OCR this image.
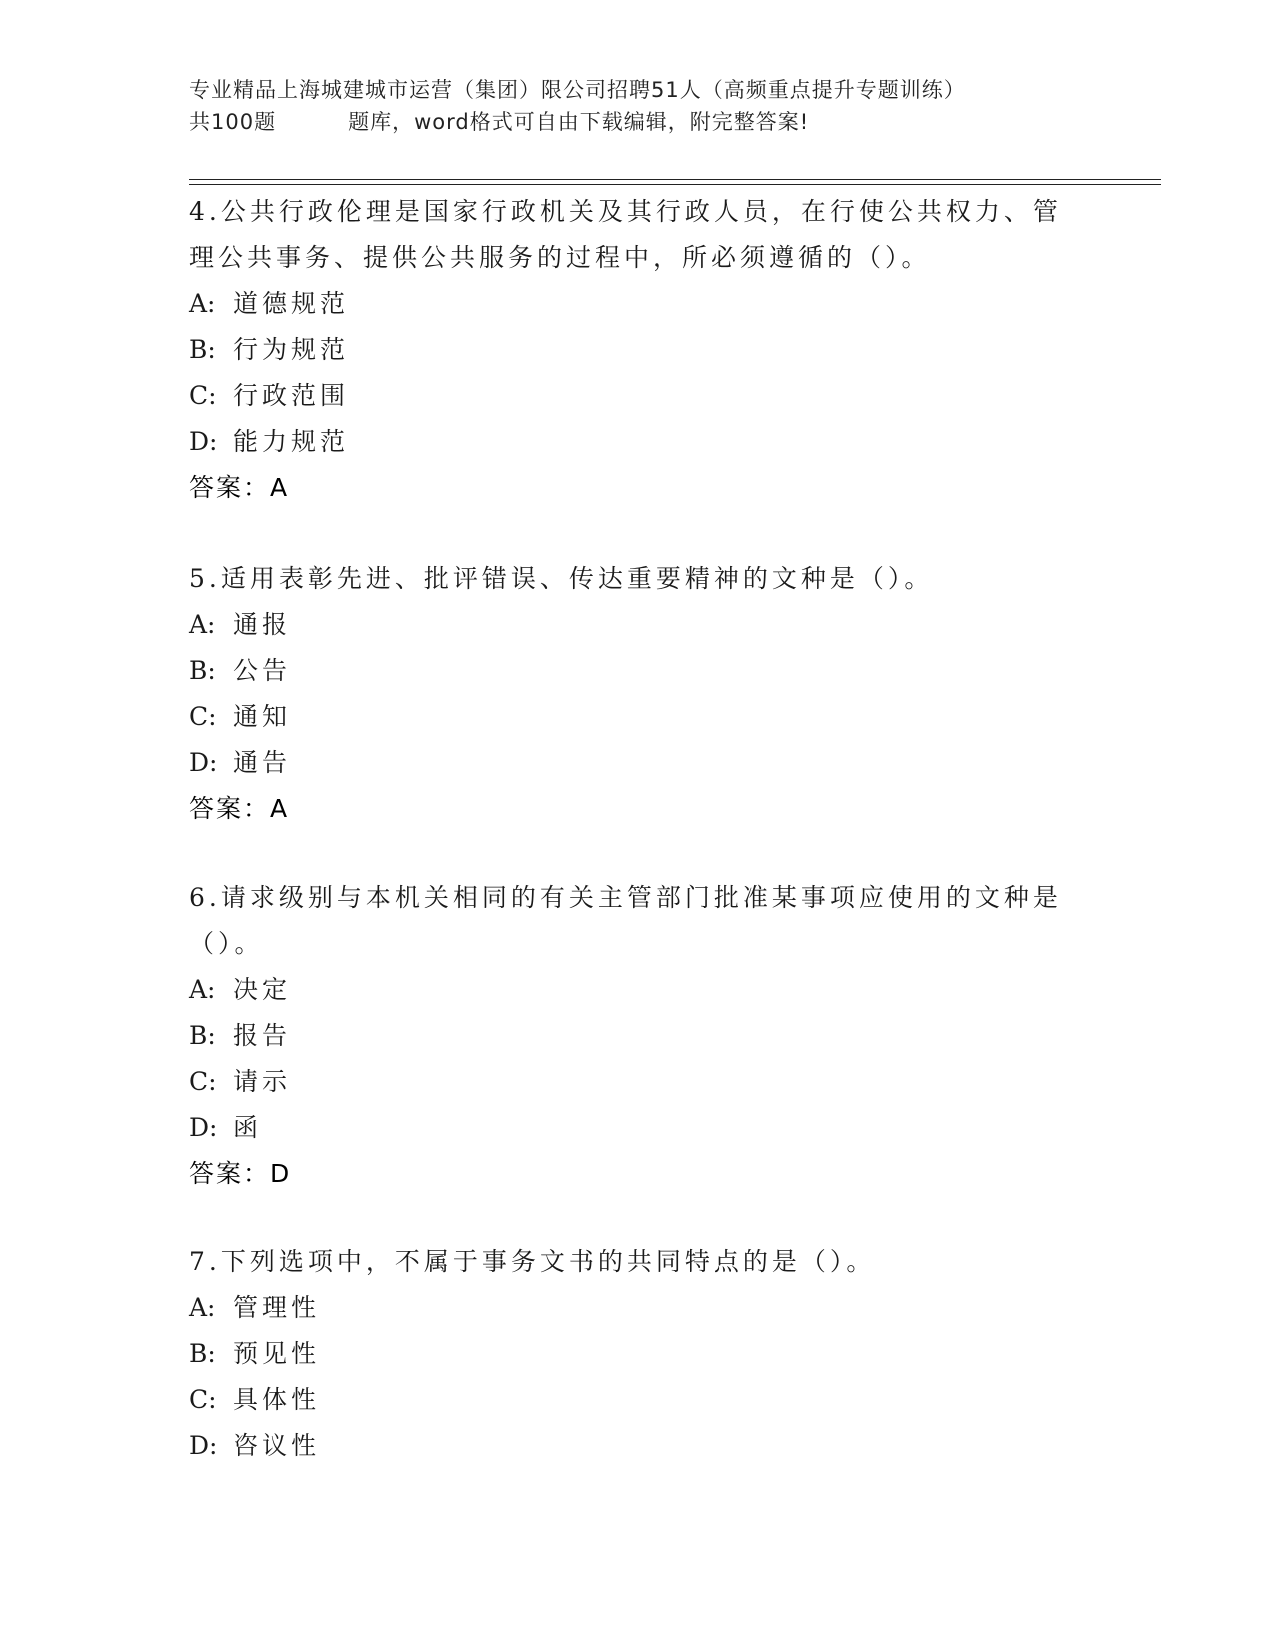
专业精品上海城建城市运营（集团）限公司招聘51人（高频重点提升专题训练）
共100题	题库，word格式可自由下载编辑，附完整答案!

4.公共行政伦理是国家行政机关及其行政人员，在行使公共权力、管理公共事务、提供公共服务的过程中，所必须遵循的（）。

A: 道德规范

B: 行为规范

C: 行政范围

D: 能力规范

答案：A

5.适用表彰先进、批评错误、传达重要精神的文种是（）。

A: 通报

B: 公告

C: 通知

D: 通告

答案：A

6.请求级别与本机关相同的有关主管部门批准某事项应使用的文种是（）。

A: 决定

B: 报告

C: 请示

D: 函

答案：D

7.下列选项中，不属于事务文书的共同特点的是（）。

A: 管理性

B: 预见性

C: 具体性

D: 咨议性
